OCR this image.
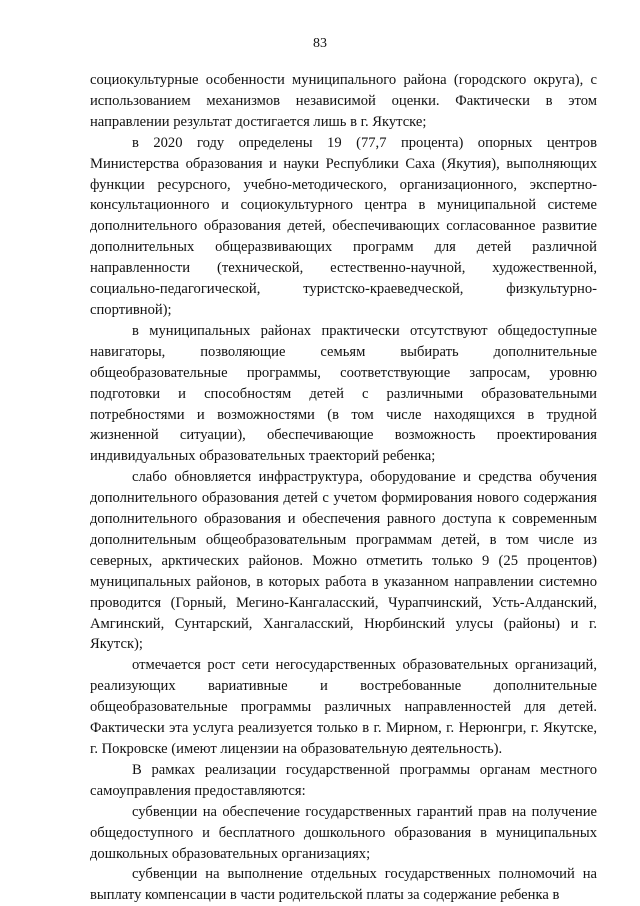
83

социокультурные особенности муниципального района (городского округа), с использованием механизмов независимой оценки. Фактически в этом направлении результат достигается лишь в г. Якутске;

в 2020 году определены 19 (77,7 процента) опорных центров Министерства образования и науки Республики Саха (Якутия), выполняющих функции ресурсного, учебно-методического, организационного, экспертно-консультационного и социокультурного центра в муниципальной системе дополнительного образования детей, обеспечивающих согласованное развитие дополнительных общеразвивающих программ для детей различной направленности (технической, естественно-научной, художественной, социально-педагогической, туристско-краеведческой, физкультурно-спортивной);

в муниципальных районах практически отсутствуют общедоступные навигаторы, позволяющие семьям выбирать дополнительные общеобразовательные программы, соответствующие запросам, уровню подготовки и способностям детей с различными образовательными потребностями и возможностями (в том числе находящихся в трудной жизненной ситуации), обеспечивающие возможность проектирования индивидуальных образовательных траекторий ребенка;

слабо обновляется инфраструктура, оборудование и средства обучения дополнительного образования детей с учетом формирования нового содержания дополнительного образования и обеспечения равного доступа к современным дополнительным общеобразовательным программам детей, в том числе из северных, арктических районов. Можно отметить только 9 (25 процентов) муниципальных районов, в которых работа в указанном направлении системно проводится (Горный, Мегино-Кангаласский, Чурапчинский, Усть-Алданский, Амгинский, Сунтарский, Хангаласский, Нюрбинский улусы (районы) и г. Якутск);

отмечается рост сети негосударственных образовательных организаций, реализующих вариативные и востребованные дополнительные общеобразовательные программы различных направленностей для детей. Фактически эта услуга реализуется только в г. Мирном, г. Нерюнгри, г. Якутске, г. Покровске (имеют лицензии на образовательную деятельность).

В рамках реализации государственной программы органам местного самоуправления предоставляются:

субвенции на обеспечение государственных гарантий прав на получение общедоступного и бесплатного дошкольного образования в муниципальных дошкольных образовательных организациях;

субвенции на выполнение отдельных государственных полномочий на выплату компенсации в части родительской платы за содержание ребенка в
